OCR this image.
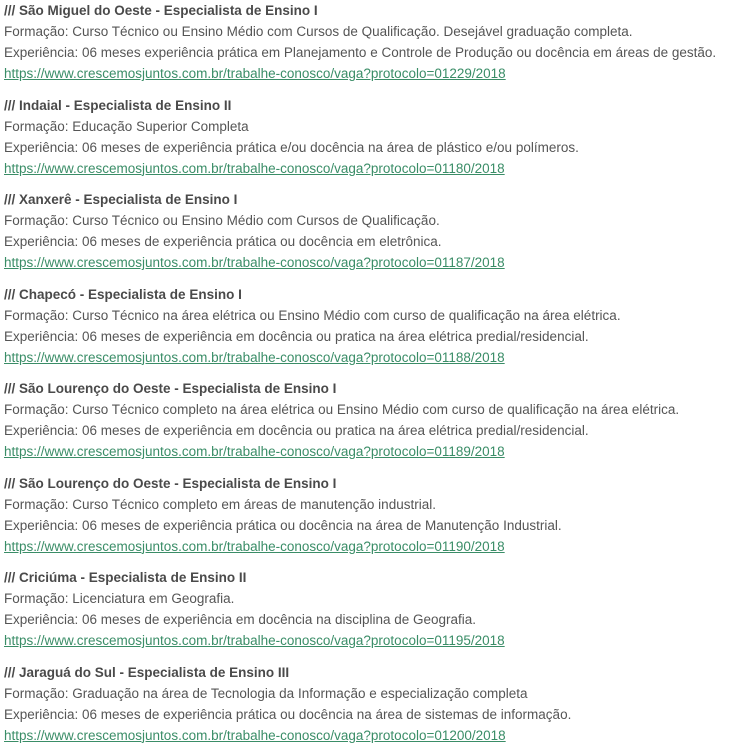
/// São Miguel do Oeste - Especialista de Ensino I
Formação: Curso Técnico ou Ensino Médio com Cursos de Qualificação. Desejável graduação completa.
Experiência: 06 meses experiência prática em Planejamento e Controle de Produção ou docência em áreas de gestão.
https://www.crescemosjuntos.com.br/trabalhe-conosco/vaga?protocolo=01229/2018
/// Indaial - Especialista de Ensino II
Formação: Educação Superior Completa
Experiência: 06 meses de experiência prática e/ou docência na área de plástico e/ou polímeros.
https://www.crescemosjuntos.com.br/trabalhe-conosco/vaga?protocolo=01180/2018
/// Xanxerê - Especialista de Ensino I
Formação: Curso Técnico ou Ensino Médio com Cursos de Qualificação.
Experiência: 06 meses de experiência prática ou docência em eletrônica.
https://www.crescemosjuntos.com.br/trabalhe-conosco/vaga?protocolo=01187/2018
/// Chapecó - Especialista de Ensino I
Formação: Curso Técnico na área elétrica ou Ensino Médio com curso de qualificação na área elétrica.
Experiência: 06 meses de experiência em docência ou pratica na área elétrica predial/residencial.
https://www.crescemosjuntos.com.br/trabalhe-conosco/vaga?protocolo=01188/2018
/// São Lourenço do Oeste - Especialista de Ensino I
Formação: Curso Técnico completo na área elétrica ou Ensino Médio com curso de qualificação na área elétrica.
Experiência: 06 meses de experiência em docência ou pratica na área elétrica predial/residencial.
https://www.crescemosjuntos.com.br/trabalhe-conosco/vaga?protocolo=01189/2018
/// São Lourenço do Oeste - Especialista de Ensino I
Formação: Curso Técnico completo em áreas de manutenção industrial.
Experiência: 06 meses de experiência prática ou docência na área de Manutenção Industrial.
https://www.crescemosjuntos.com.br/trabalhe-conosco/vaga?protocolo=01190/2018
/// Criciúma - Especialista de Ensino II
Formação: Licenciatura em Geografia.
Experiência: 06 meses de experiência em docência na disciplina de Geografia.
https://www.crescemosjuntos.com.br/trabalhe-conosco/vaga?protocolo=01195/2018
/// Jaraguá do Sul - Especialista de Ensino III
Formação: Graduação na área de Tecnologia da Informação e especialização completa
Experiência: 06 meses de experiência prática ou docência na área de sistemas de informação.
https://www.crescemosjuntos.com.br/trabalhe-conosco/vaga?protocolo=01200/2018
